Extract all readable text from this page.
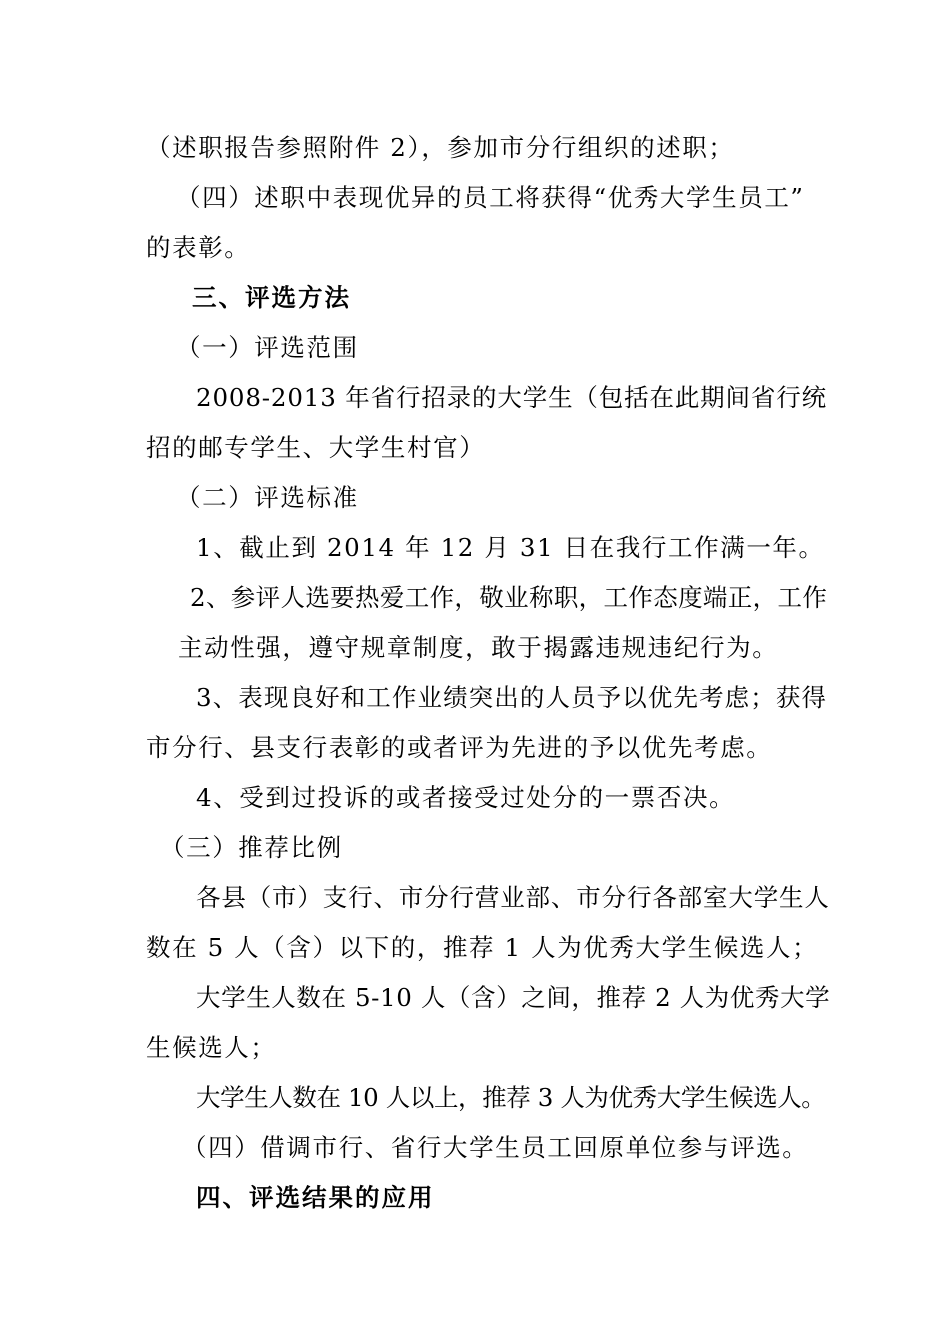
（述职报告参照附件 2），参加市分行组织的述职；
（四）述职中表现优异的员工将获得“优秀大学生员工”
的表彰。
三、评选方法
（一）评选范围
2008-2013 年省行招录的大学生（包括在此期间省行统
招的邮专学生、大学生村官）
（二）评选标准
1、截止到 2014 年 12 月 31 日在我行工作满一年。
2、参评人选要热爱工作，敬业称职，工作态度端正，工作
主动性强，遵守规章制度，敢于揭露违规违纪行为。
3、表现良好和工作业绩突出的人员予以优先考虑；获得
市分行、县支行表彰的或者评为先进的予以优先考虑。
4、受到过投诉的或者接受过处分的一票否决。
（三）推荐比例
各县（市）支行、市分行营业部、市分行各部室大学生人
数在 5 人（含）以下的，推荐 1 人为优秀大学生候选人；
大学生人数在 5-10 人（含）之间，推荐 2 人为优秀大学
生候选人；
大学生人数在 10 人以上，推荐 3 人为优秀大学生候选人。
（四）借调市行、省行大学生员工回原单位参与评选。
四、评选结果的应用
